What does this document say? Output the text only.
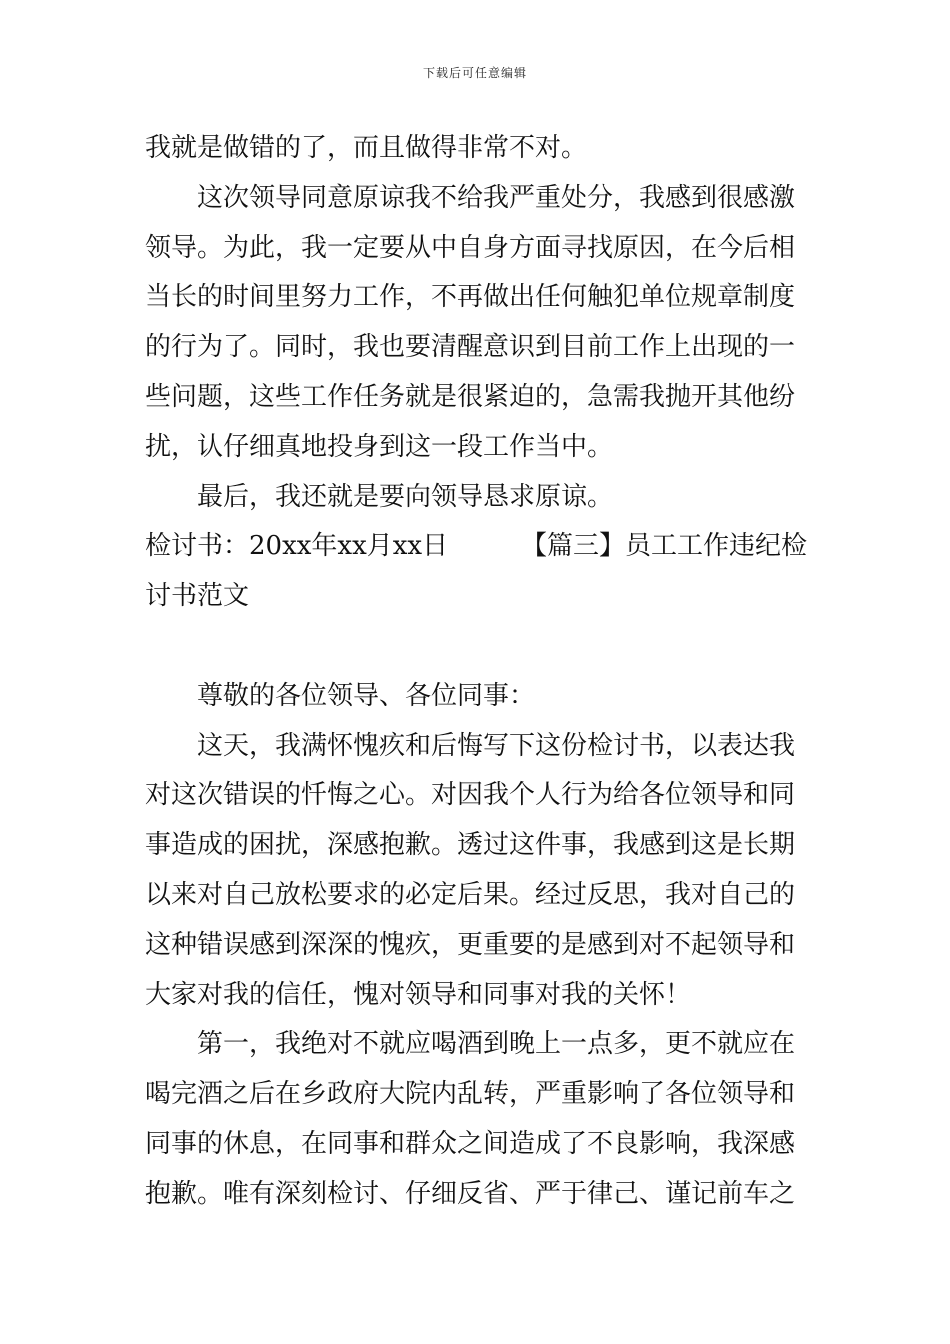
下载后可任意编辑
我就是做错的了，而且做得非常不对。
这次领导同意原谅我不给我严重处分，我感到很感激
领导。为此，我一定要从中自身方面寻找原因，在今后相
当长的时间里努力工作，不再做出任何触犯单位规章制度
的行为了。同时，我也要清醒意识到目前工作上出现的一
些问题，这些工作任务就是很紧迫的，急需我抛开其他纷
扰，认仔细真地投身到这一段工作当中。
最后，我还就是要向领导恳求原谅。
检讨书：20xx年xx月xx日	【篇三】员工工作违纪检
讨书范文
尊敬的各位领导、各位同事：
这天，我满怀愧疚和后悔写下这份检讨书，以表达我
对这次错误的忏悔之心。对因我个人行为给各位领导和同
事造成的困扰，深感抱歉。透过这件事，我感到这是长期
以来对自己放松要求的必定后果。经过反思，我对自己的
这种错误感到深深的愧疚，更重要的是感到对不起领导和
大家对我的信任，愧对领导和同事对我的关怀！
第一，我绝对不就应喝酒到晚上一点多，更不就应在
喝完酒之后在乡政府大院内乱转，严重影响了各位领导和
同事的休息，在同事和群众之间造成了不良影响，我深感
抱歉。唯有深刻检讨、仔细反省、严于律己、谨记前车之
